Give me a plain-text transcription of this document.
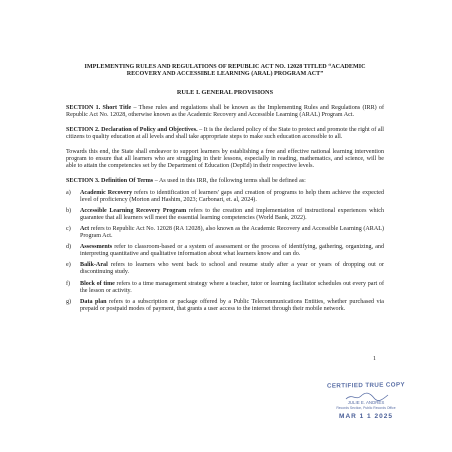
IMPLEMENTING RULES AND REGULATIONS OF REPUBLIC ACT NO. 12028 TITLED “ACADEMIC RECOVERY AND ACCESSIBLE LEARNING (ARAL) PROGRAM ACT”
RULE I. GENERAL PROVISIONS
SECTION 1. Short Title – These rules and regulations shall be known as the Implementing Rules and Regulations (IRR) of Republic Act No. 12028, otherwise known as the Academic Recovery and Accessible Learning (ARAL) Program Act.
SECTION 2. Declaration of Policy and Objectives. – It is the declared policy of the State to protect and promote the right of all citizens to quality education at all levels and shall take appropriate steps to make such education accessible to all.
Towards this end, the State shall endeavor to support learners by establishing a free and effective national learning intervention program to ensure that all learners who are struggling in their lessons, especially in reading, mathematics, and science, will be able to attain the competencies set by the Department of Education (DepEd) in their respective levels.
SECTION 3. Definition Of Terms – As used in this IRR, the following terms shall be defined as:
a) Academic Recovery refers to identification of learners' gaps and creation of programs to help them achieve the expected level of proficiency (Morton and Hashim, 2023; Carbonari, et. al, 2024).
b) Accessible Learning Recovery Program refers to the creation and implementation of instructional experiences which guarantee that all learners will meet the essential learning competencies (World Bank, 2022).
c) Act refers to Republic Act No. 12028 (RA 12028), also known as the Academic Recovery and Accessible Learning (ARAL) Program Act.
d) Assessments refer to classroom-based or a system of assessment or the process of identifying, gathering, organizing, and interpreting quantitative and qualitative information about what learners know and can do.
e) Balik-Aral refers to learners who went back to school and resume study after a year or years of dropping out or discontinuing study.
f) Block of time refers to a time management strategy where a teacher, tutor or learning facilitator schedules out every part of the lesson or activity.
g) Data plan refers to a subscription or package offered by a Public Telecommunications Entities, whether purchased via prepaid or postpaid modes of payment, that grants a user access to the internet through their mobile network.
1
CERTIFIED TRUE COPY
JULIE E. ANDRES
Records Section, Public Records Office
MAR 1 1 2025
